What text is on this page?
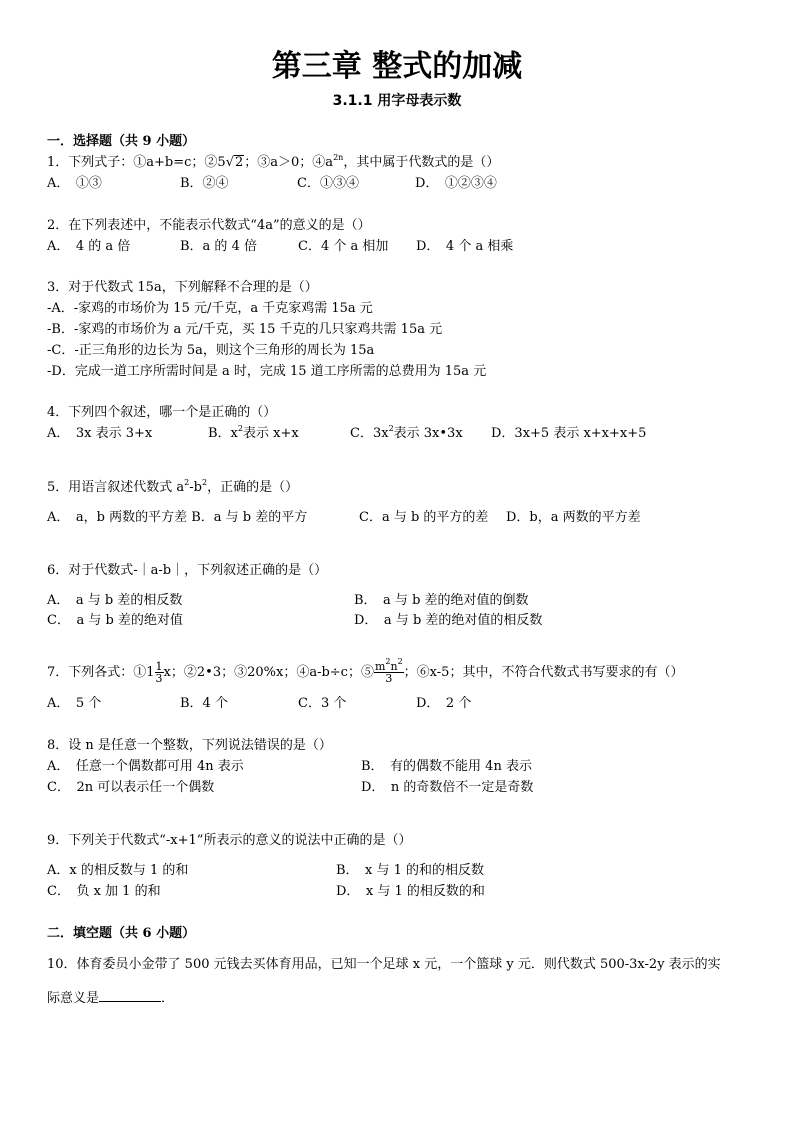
第三章 整式的加减
3.1.1 用字母表示数
一．选择题（共 9 小题）
1．下列式子：①a+b=c；②5√2；③a＞0；$④a^{2n}$，其中属于代数式的是（）
A．　①③	B．②④	C．①③④	D．　①②③④
2．在下列表述中，不能表示代数式“4a”的意义的是（）
A．　4 的 a 倍	B．a 的 4 倍	C．4 个 a 相加 D．　4 个 a 相乘
3．对于代数式 15a，下列解释不合理的是（）
-A．-家鸡的市场价为 15 元/千克，a 千克家鸡需 15a 元
-B．-家鸡的市场价为 a 元/千克，买 15 千克的几只家鸡共需 15a 元
-C．-正三角形的边长为 5a，则这个三角形的周长为 15a
-D．完成一道工序所需时间是 a 时，完成 15 道工序所需的总费用为 15a 元
4．下列四个叙述，哪一个是正确的（）
A．　3x 表示 3+x	B．$x^2$表示 x+x	C．$3x^2$表示 3x•3x D．3x+5 表示 x+x+x+5
5．用语言叙述代数式 $a^2-b^2$，正确的是（）
A．　a，b 两数的平方差 B．a 与 b 差的平方	C．a 与 b 的平方的差 D．b，a 两数的平方差
6．对于代数式-｜a-b｜，下列叙述正确的是（）
A．　a 与 b 差的相反数	B．　a 与 b 差的绝对值的倒数
C．　a 与 b 差的绝对值	D．　a 与 b 差的绝对值的相反数
7．下列各式：①1 $\frac{1}{3}$ x；②2•3；③20%x；④a-b÷c；⑤ $\frac{m^2n^2}{3}$ ；⑥x-5；其中，不符合代数式书写要求的有（）
A．　5 个	B．4 个	C．3 个	D．　2 个
8．设 n 是任意一个整数，下列说法错误的是（）
A．　任意一个偶数都可用 4n 表示	B．　有的偶数不能用 4n 表示
C．　2n 可以表示任一个偶数	D．　n 的奇数倍不一定是奇数
9．下列关于代数式“-x+1”所表示的意义的说法中正确的是（）
A．x 的相反数与 1 的和	B．　x 与 1 的和的相反数
C．　负 x 加 1 的和	D．　x 与 1 的相反数的和
二．填空题（共 6 小题）
10．体育委员小金带了 500 元钱去买体育用品，已知一个足球 x 元，一个篮球 y 元．则代数式 500-3x-2y 表示的实
际意义是	．
